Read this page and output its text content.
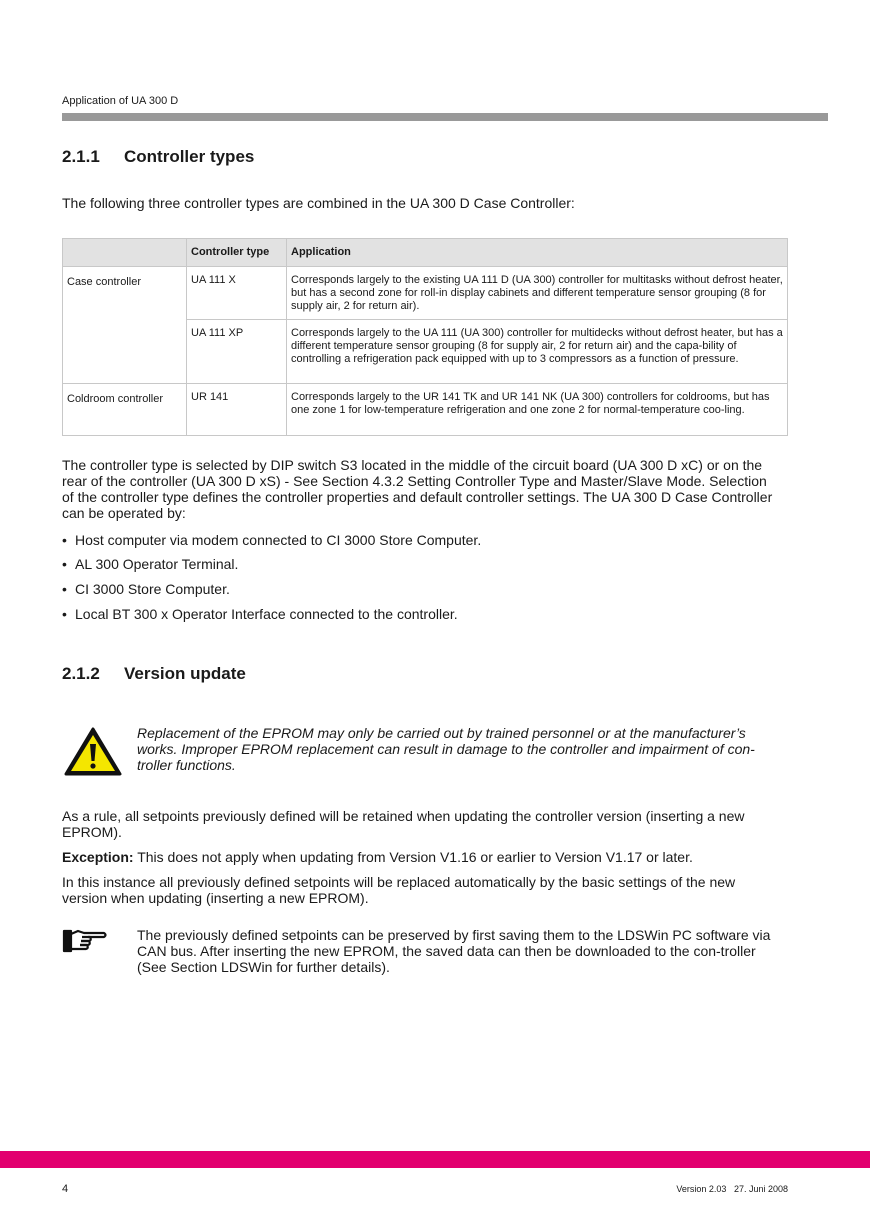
Application of UA 300 D
2.1.1 Controller types
The following three controller types are combined in the UA 300 D Case Controller:
	Controller type	Application
Case controller	UA 111 X	Corresponds largely to the existing UA 111 D (UA 300) controller for multitasks without defrost heater, but has a second zone for roll-in display cabinets and different temperature sensor grouping (8 for supply air, 2 for return air).
	UA 111 XP	Corresponds largely to the UA 111 (UA 300) controller for multidecks without defrost heater, but has a different temperature sensor grouping (8 for supply air, 2 for return air) and the capa-bility of controlling a refrigeration pack equipped with up to 3 compressors as a function of pressure.
Coldroom controller	UR 141	Corresponds largely to the UR 141 TK and UR 141 NK (UA 300) controllers for coldrooms, but has one zone 1 for low-temperature refrigeration and one zone 2 for normal-temperature coo-ling.
The controller type is selected by DIP switch S3 located in the middle of the circuit board (UA 300 D xC) or on the rear of the controller (UA 300 D xS) - See Section 4.3.2 Setting Controller Type and Master/Slave Mode. Selection of the controller type defines the controller properties and default controller settings. The UA 300 D Case Controller can be operated by:
• Host computer via modem connected to CI 3000 Store Computer.
• AL 300 Operator Terminal.
• CI 3000 Store Computer.
• Local BT 300 x Operator Interface connected to the controller.
2.1.2 Version update
Replacement of the EPROM may only be carried out by trained personnel or at the manufacturer’s works. Improper EPROM replacement can result in damage to the controller and impairment of con-troller functions.
As a rule, all setpoints previously defined will be retained when updating the controller version (inserting a new EPROM).
Exception: This does not apply when updating from Version V1.16 or earlier to Version V1.17 or later.
In this instance all previously defined setpoints will be replaced automatically by the basic settings of the new version when updating (inserting a new EPROM).
The previously defined setpoints can be preserved by first saving them to the LDSWin PC software via CAN bus. After inserting the new EPROM, the saved data can then be downloaded to the con-troller (See Section LDSWin for further details).
4	Version 2.03 27. Juni 2008
